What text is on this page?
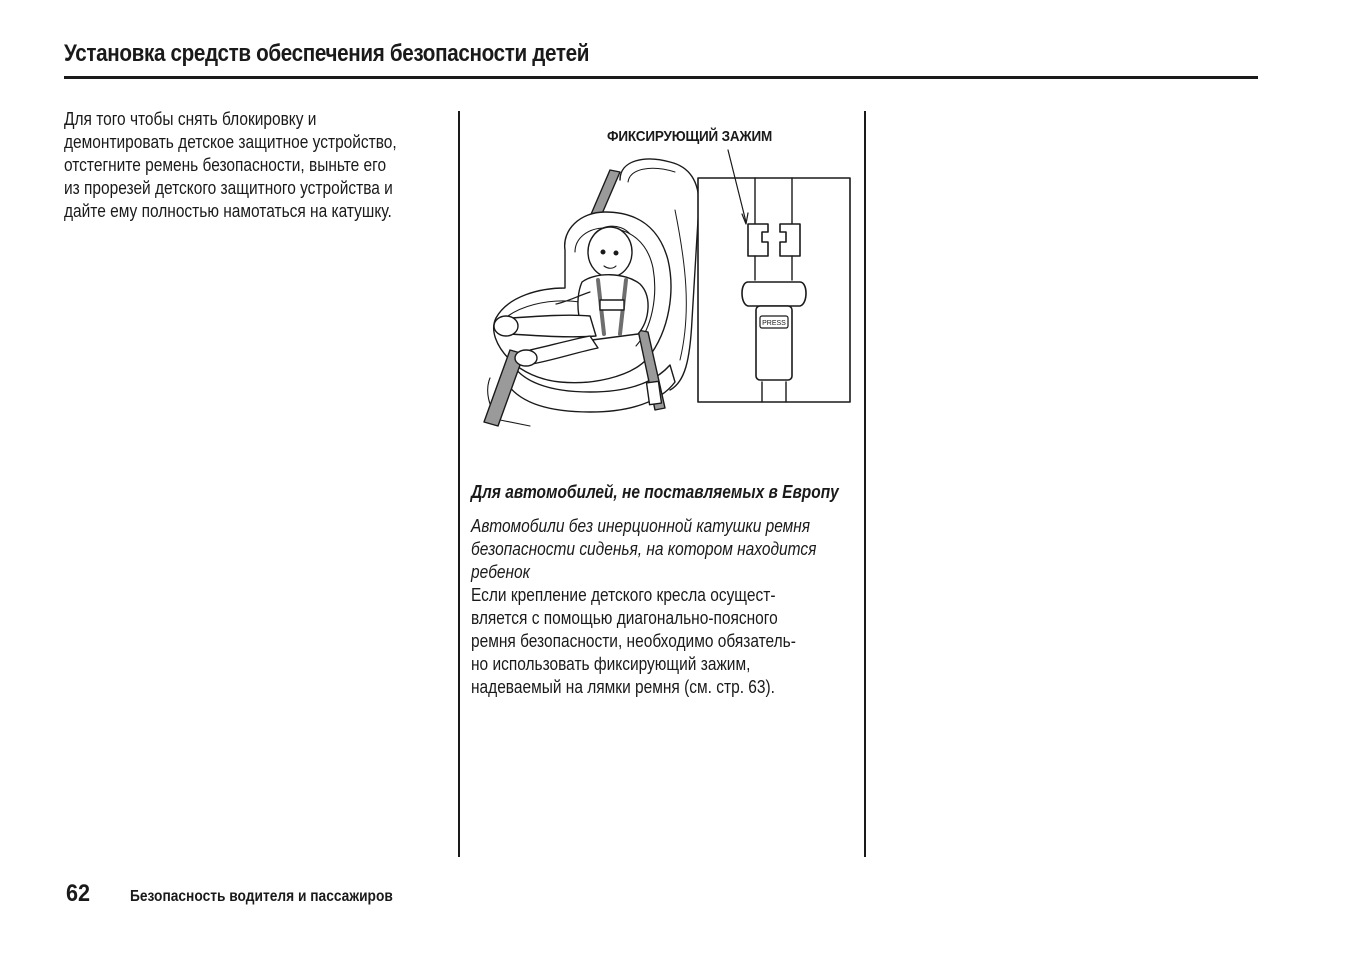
Установка средств обеспечения безопасности детей

Для того чтобы снять блокировку и
демонтировать детское защитное устройство,
отстегните ремень безопасности, выньте его
из прорезей детского защитного устройства и
дайте ему полностью намотаться на катушку.

PRESS
ФИКСИРУЮЩИЙ ЗАЖИМ

Для автомобилей, не поставляемых в Европу

Автомобили без инерционной катушки ремня
безопасности сиденья, на котором находится
ребенок

Если крепление детского кресла осущест-
вляется с помощью диагонально-поясного
ремня безопасности, необходимо обязатель-
но использовать фиксирующий зажим,
надеваемый на лямки ремня (см. стр. 63).

62 Безопасность водителя и пассажиров
